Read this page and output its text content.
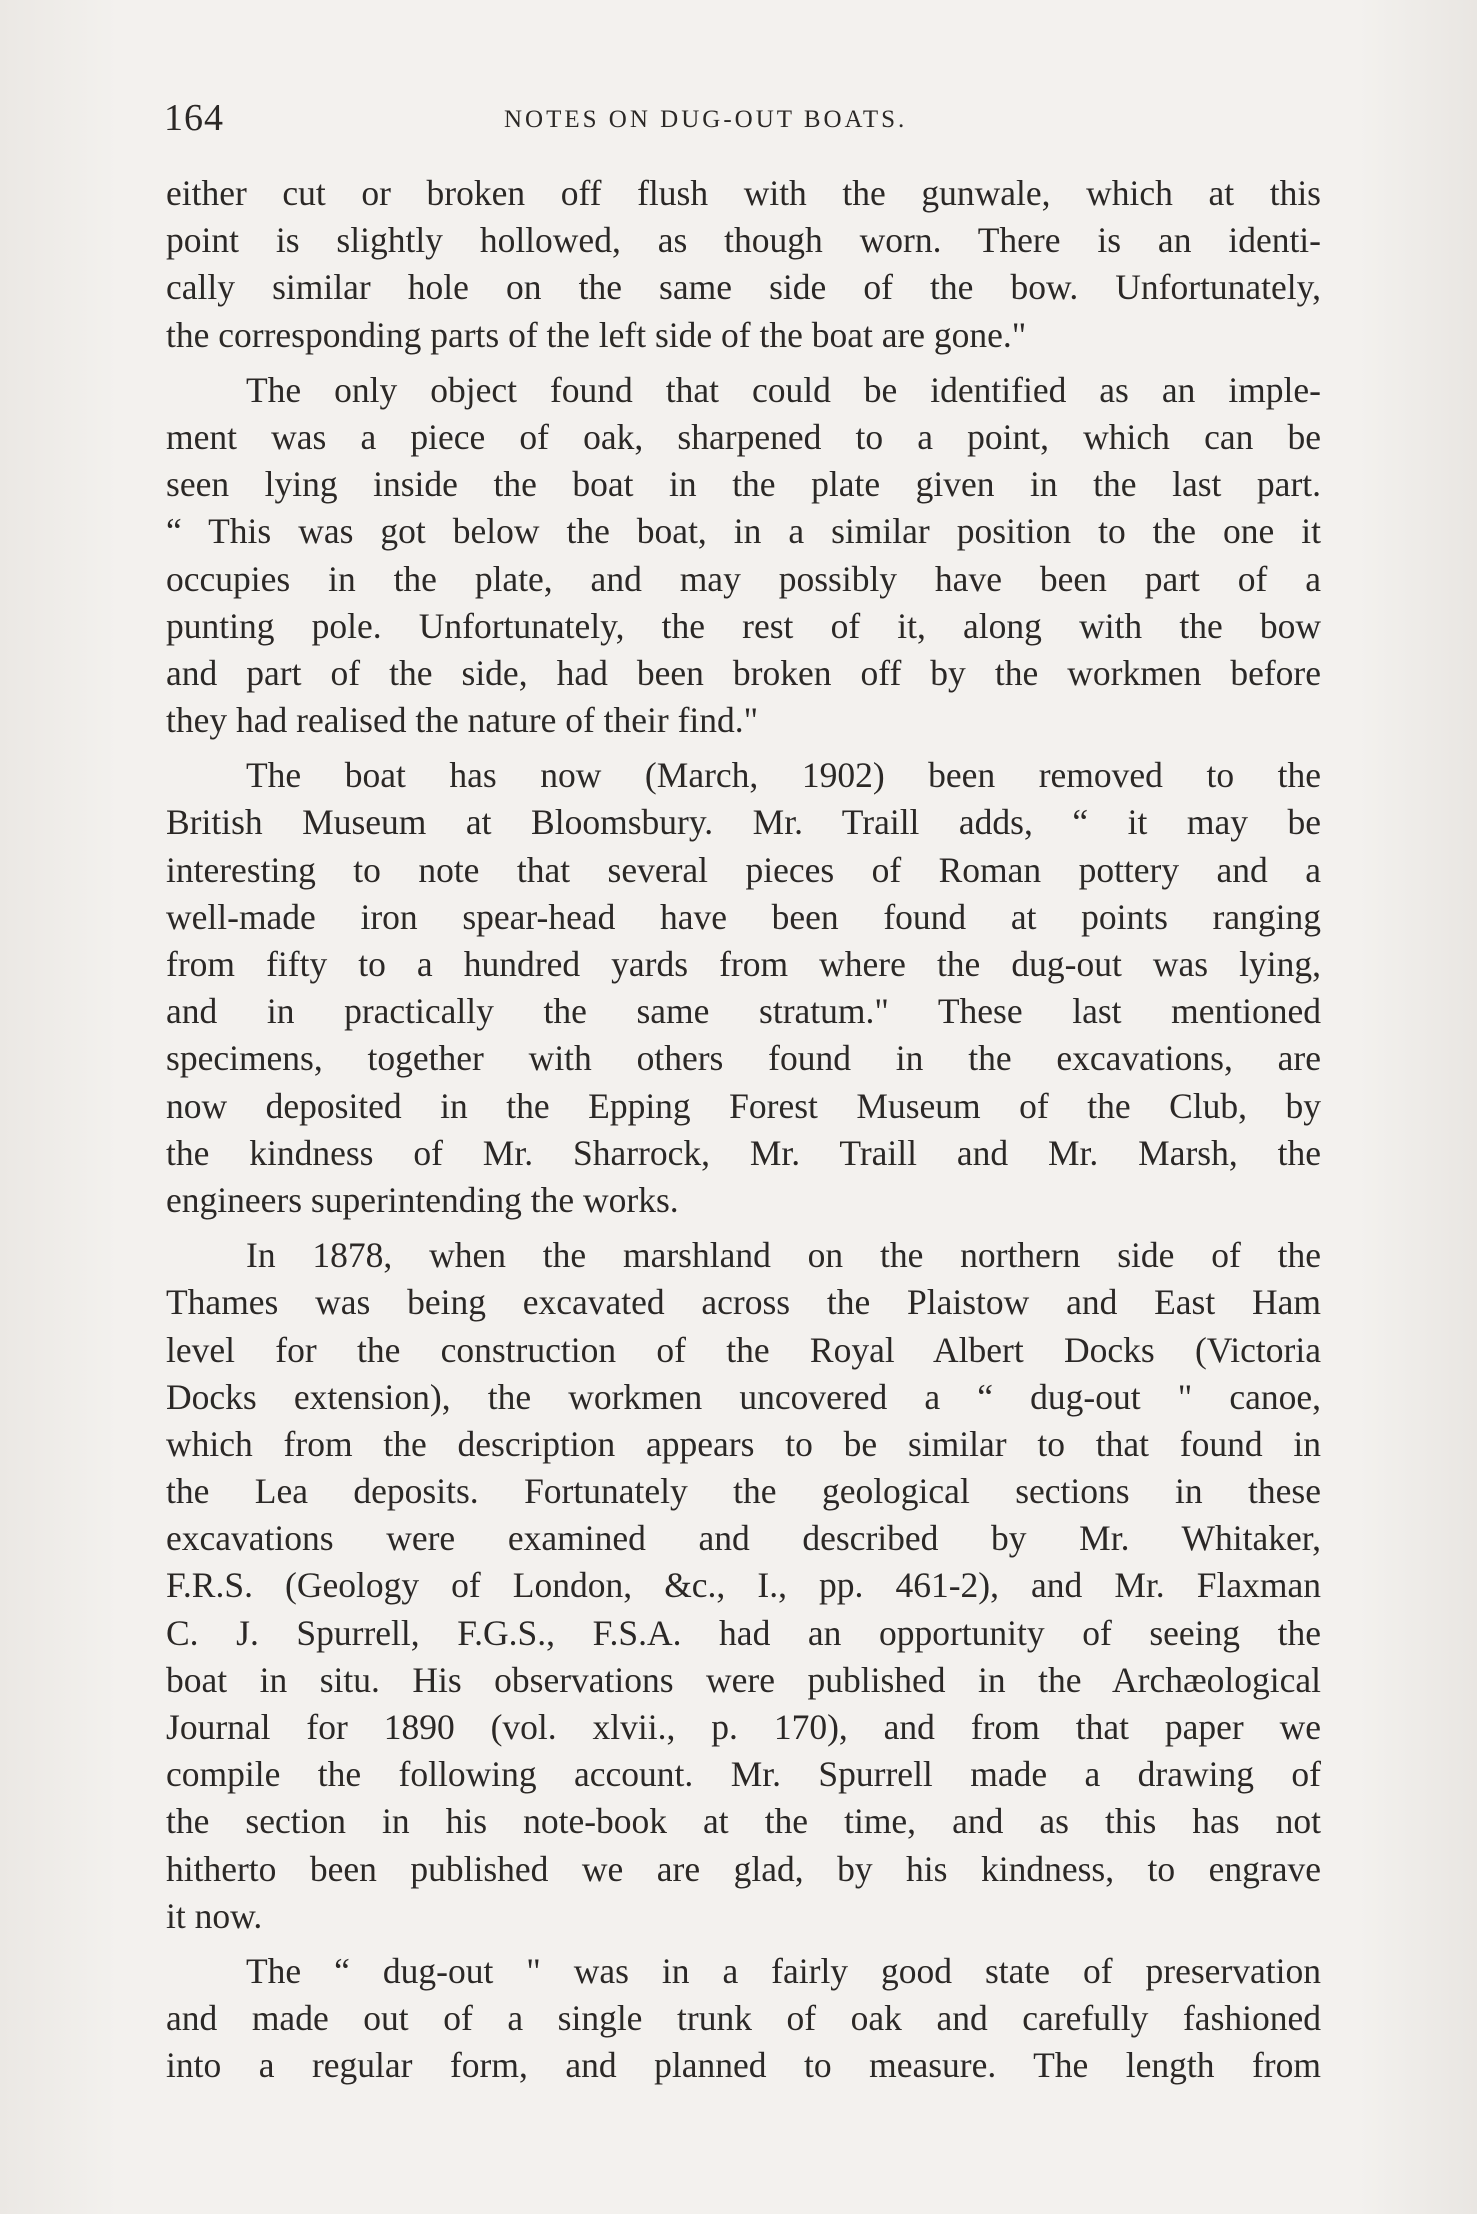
164	NOTES ON DUG-OUT BOATS.
either cut or broken off flush with the gunwale, which at this
point is slightly hollowed, as though worn. There is an identi-
cally similar hole on the same side of the bow. Unfortunately,
the corresponding parts of the left side of the boat are gone."
The only object found that could be identified as an imple-
ment was a piece of oak, sharpened to a point, which can be
seen lying inside the boat in the plate given in the last part.
“ This was got below the boat, in a similar position to the one it
occupies in the plate, and may possibly have been part of a
punting pole. Unfortunately, the rest of it, along with the bow
and part of the side, had been broken off by the workmen before
they had realised the nature of their find."
The boat has now (March, 1902) been removed to the
British Museum at Bloomsbury. Mr. Traill adds, “ it may be
interesting to note that several pieces of Roman pottery and a
well-made iron spear-head have been found at points ranging
from fifty to a hundred yards from where the dug-out was lying,
and in practically the same stratum." These last mentioned
specimens, together with others found in the excavations, are
now deposited in the Epping Forest Museum of the Club, by
the kindness of Mr. Sharrock, Mr. Traill and Mr. Marsh, the
engineers superintending the works.
In 1878, when the marshland on the northern side of the
Thames was being excavated across the Plaistow and East Ham
level for the construction of the Royal Albert Docks (Victoria
Docks extension), the workmen uncovered a “ dug-out " canoe,
which from the description appears to be similar to that found in
the Lea deposits. Fortunately the geological sections in these
excavations were examined and described by Mr. Whitaker,
F.R.S. (Geology of London, &c., I., pp. 461-2), and Mr. Flaxman
C. J. Spurrell, F.G.S., F.S.A. had an opportunity of seeing the
boat in situ. His observations were published in the Archæological
Journal for 1890 (vol. xlvii., p. 170), and from that paper we
compile the following account. Mr. Spurrell made a drawing of
the section in his note-book at the time, and as this has not
hitherto been published we are glad, by his kindness, to engrave
it now.
The “ dug-out " was in a fairly good state of preservation
and made out of a single trunk of oak and carefully fashioned
into a regular form, and planned to measure. The length from
